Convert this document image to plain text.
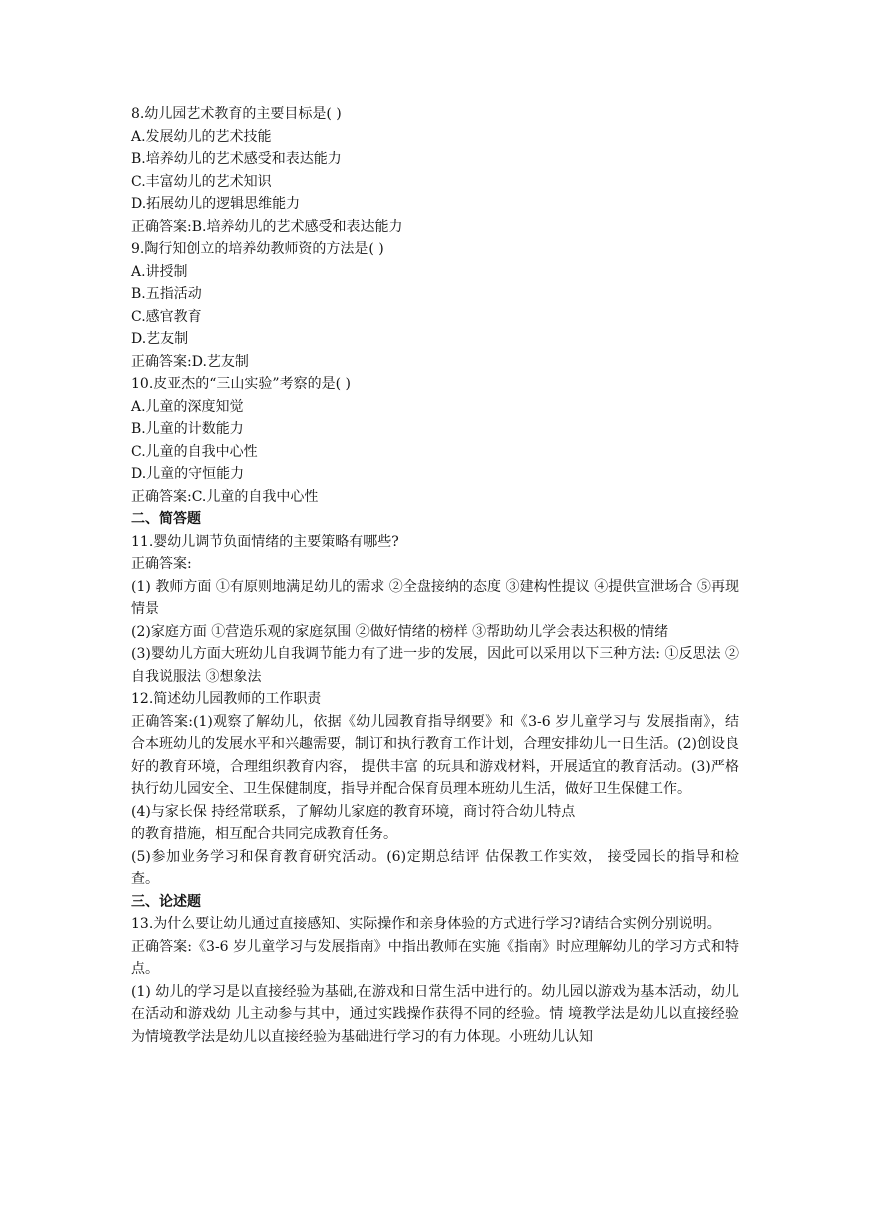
8.幼儿园艺术教育的主要目标是( )
A.发展幼儿的艺术技能
B.培养幼儿的艺术感受和表达能力
C.丰富幼儿的艺术知识
D.拓展幼儿的逻辑思维能力
正确答案:B.培养幼儿的艺术感受和表达能力
9.陶行知创立的培养幼教师资的方法是( )
A.讲授制
B.五指活动
C.感官教育
D.艺友制
正确答案:D.艺友制
10.皮亚杰的“三山实验”考察的是( )
A.儿童的深度知觉
B.儿童的计数能力
C.儿童的自我中心性
D.儿童的守恒能力
正确答案:C.儿童的自我中心性
二、简答题
11.婴幼儿调节负面情绪的主要策略有哪些?
正确答案:
(1) 教师方面 ①有原则地满足幼儿的需求 ②全盘接纳的态度 ③建构性提议 ④提供宣泄场合 ⑤再现情景
(2)家庭方面 ①营造乐观的家庭氛围 ②做好情绪的榜样 ③帮助幼儿学会表达积极的情绪
(3)婴幼儿方面大班幼儿自我调节能力有了进一步的发展，因此可以采用以下三种方法: ①反思法 ②自我说服法 ③想象法
12.简述幼儿园教师的工作职责
正确答案:(1)观察了解幼儿，依据《幼儿园教育指导纲要》和《3-6 岁儿童学习与 发展指南》，结合本班幼儿的发展水平和兴趣需要，制订和执行教育工作计划，合理安排幼儿一日生活。(2)创设良好的教育环境，合理组织教育内容， 提供丰富 的玩具和游戏材料，开展适宜的教育活动。(3)严格执行幼儿园安全、卫生保健制度，指导并配合保育员理本班幼儿生活，做好卫生保健工作。
(4)与家长保 持经常联系，了解幼儿家庭的教育环境，商讨符合幼儿特点
的教育措施，相互配合共同完成教育任务。
(5)参加业务学习和保育教育研究活动。(6)定期总结评 估保教工作实效， 接受园长的指导和检查。
三、论述题
13.为什么要让幼儿通过直接感知、实际操作和亲身体验的方式进行学习?请结合实例分别说明。
正确答案:《3-6 岁儿童学习与发展指南》中指出教师在实施《指南》时应理解幼儿的学习方式和特点。
(1) 幼儿的学习是以直接经验为基础,在游戏和日常生活中进行的。幼儿园以游戏为基本活动，幼儿在活动和游戏幼 儿主动参与其中，通过实践操作获得不同的经验。情 境教学法是幼儿以直接经验为情境教学法是幼儿以直接经验为基础进行学习的有力体现。小班幼儿认知
